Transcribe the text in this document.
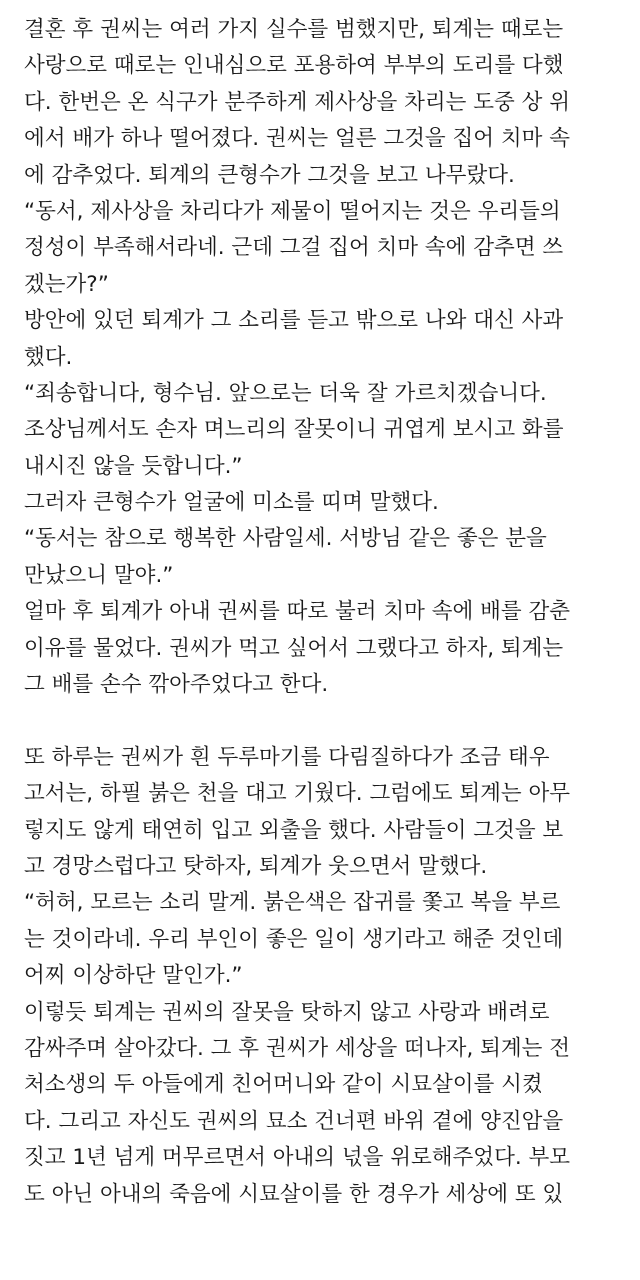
결혼 후 권씨는 여러 가지 실수를 범했지만, 퇴계는 때로는
사랑으로 때로는 인내심으로 포용하여 부부의 도리를 다했
다. 한번은 온 식구가 분주하게 제사상을 차리는 도중 상 위
에서 배가 하나 떨어졌다. 권씨는 얼른 그것을 집어 치마 속
에 감추었다. 퇴계의 큰형수가 그것을 보고 나무랐다.
“동서, 제사상을 차리다가 제물이 떨어지는 것은 우리들의
정성이 부족해서라네. 근데 그걸 집어 치마 속에 감추면 쓰
겠는가?”
방안에 있던 퇴계가 그 소리를 듣고 밖으로 나와 대신 사과
했다.
“죄송합니다, 형수님. 앞으로는 더욱 잘 가르치겠습니다.
조상님께서도 손자 며느리의 잘못이니 귀엽게 보시고 화를
내시진 않을 듯합니다.”
그러자 큰형수가 얼굴에 미소를 띠며 말했다.
“동서는 참으로 행복한 사람일세. 서방님 같은 좋은 분을
만났으니 말야.”
얼마 후 퇴계가 아내 권씨를 따로 불러 치마 속에 배를 감춘
이유를 물었다. 권씨가 먹고 싶어서 그랬다고 하자, 퇴계는
그 배를 손수 깎아주었다고 한다.
또 하루는 권씨가 흰 두루마기를 다림질하다가 조금 태우
고서는, 하필 붉은 천을 대고 기웠다. 그럼에도 퇴계는 아무
렇지도 않게 태연히 입고 외출을 했다. 사람들이 그것을 보
고 경망스럽다고 탓하자, 퇴계가 웃으면서 말했다.
“허허, 모르는 소리 말게. 붉은색은 잡귀를 쫓고 복을 부르
는 것이라네. 우리 부인이 좋은 일이 생기라고 해준 것인데
어찌 이상하단 말인가.”
이렇듯 퇴계는 권씨의 잘못을 탓하지 않고 사랑과 배려로
감싸주며 살아갔다. 그 후 권씨가 세상을 떠나자, 퇴계는 전
처소생의 두 아들에게 친어머니와 같이 시묘살이를 시켰
다. 그리고 자신도 권씨의 묘소 건너편 바위 곁에 양진암을
짓고 1년 넘게 머무르면서 아내의 넋을 위로해주었다. 부모
도 아닌 아내의 죽음에 시묘살이를 한 경우가 세상에 또 있
